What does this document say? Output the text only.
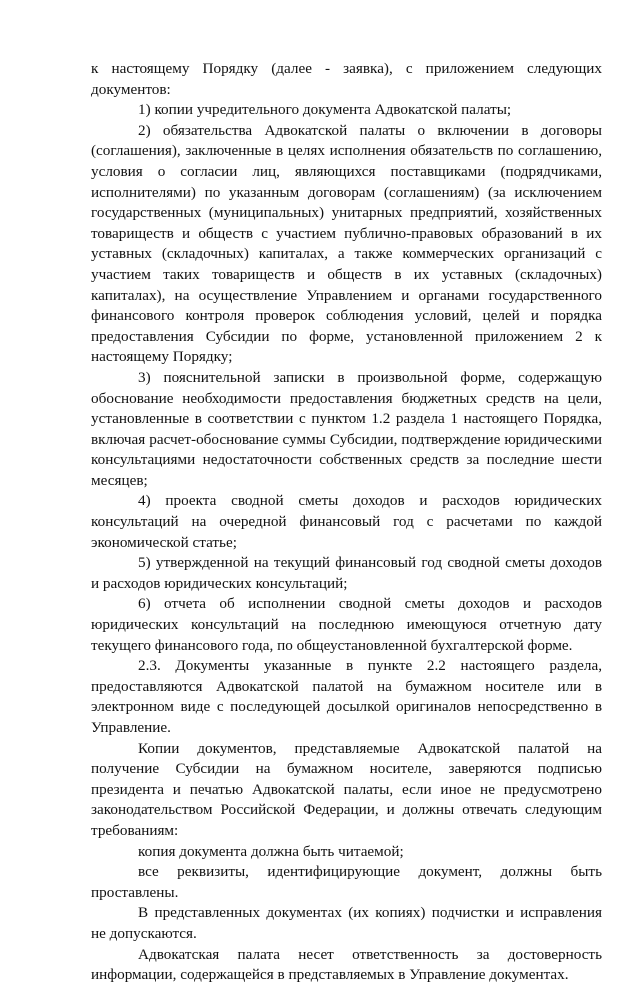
к настоящему Порядку (далее - заявка), с приложением следующих документов:

1) копии учредительного документа Адвокатской палаты;

2) обязательства Адвокатской палаты о включении в договоры (соглашения), заключенные в целях исполнения обязательств по соглашению, условия о согласии лиц, являющихся поставщиками (подрядчиками, исполнителями) по указанным договорам (соглашениям) (за исключением государственных (муниципальных) унитарных предприятий, хозяйственных товариществ и обществ с участием публично-правовых образований в их уставных (складочных) капиталах, а также коммерческих организаций с участием таких товариществ и обществ в их уставных (складочных) капиталах), на осуществление Управлением и органами государственного финансового контроля проверок соблюдения условий, целей и порядка предоставления Субсидии по форме, установленной приложением 2 к настоящему Порядку;

3) пояснительной записки в произвольной форме, содержащую обоснование необходимости предоставления бюджетных средств на цели, установленные в соответствии с пунктом 1.2 раздела 1 настоящего Порядка, включая расчет-обоснование суммы Субсидии, подтверждение юридическими консультациями недостаточности собственных средств за последние шести месяцев;

4) проекта сводной сметы доходов и расходов юридических консультаций на очередной финансовый год с расчетами по каждой экономической статье;

5) утвержденной на текущий финансовый год сводной сметы доходов и расходов юридических консультаций;

6) отчета об исполнении сводной сметы доходов и расходов юридических консультаций на последнюю имеющуюся отчетную дату текущего финансового года, по общеустановленной бухгалтерской форме.

2.3. Документы указанные в пункте 2.2 настоящего раздела, предоставляются Адвокатской палатой на бумажном носителе или в электронном виде с последующей досылкой оригиналов непосредственно в Управление.

Копии документов, представляемые Адвокатской палатой на получение Субсидии на бумажном носителе, заверяются подписью президента и печатью Адвокатской палаты, если иное не предусмотрено законодательством Российской Федерации, и должны отвечать следующим требованиям:

копия документа должна быть читаемой;

все реквизиты, идентифицирующие документ, должны быть проставлены.

В представленных документах (их копиях) подчистки и исправления не допускаются.

Адвокатская палата несет ответственность за достоверность информации, содержащейся в представляемых в Управление документах.
